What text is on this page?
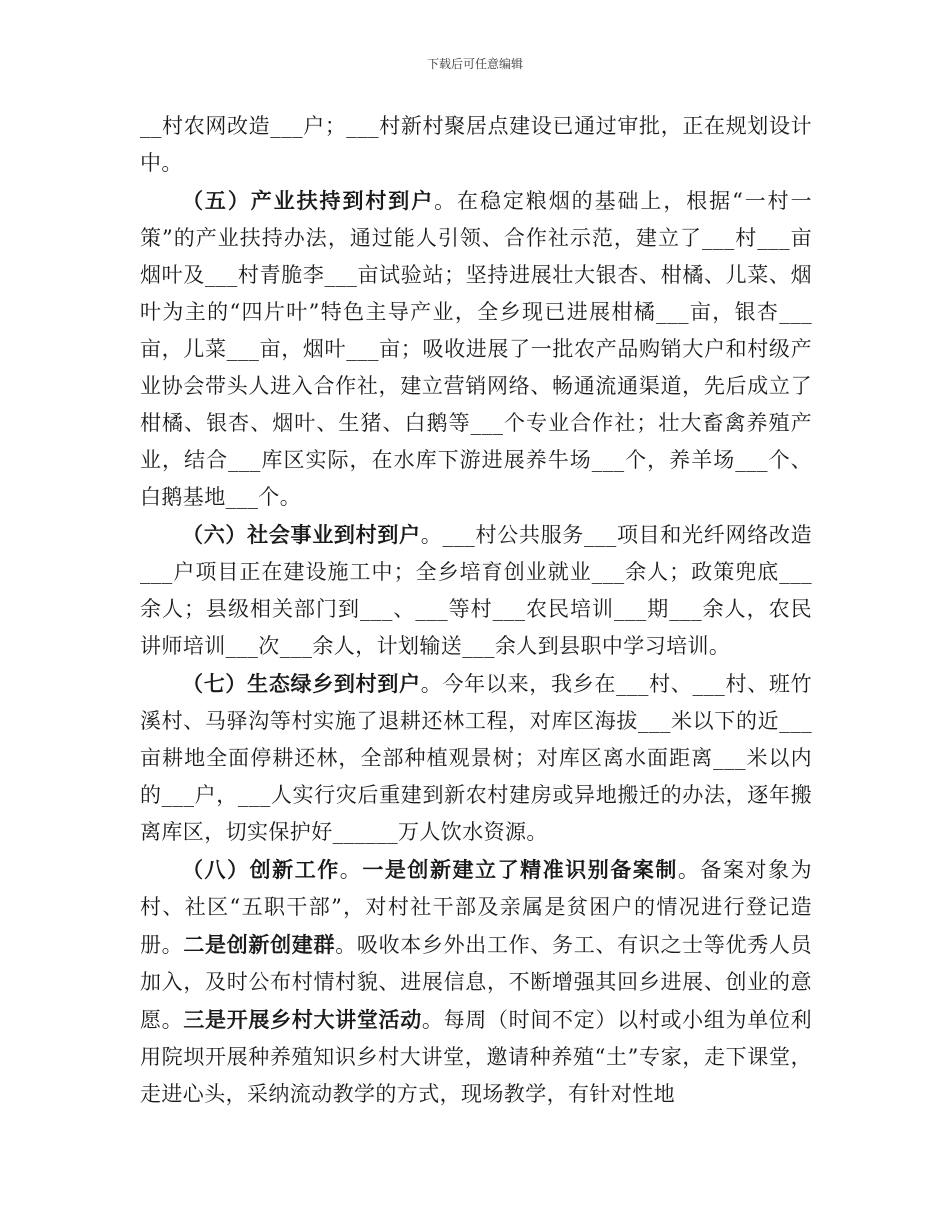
下载后可任意编辑

__村农网改造___户；___村新村聚居点建设已通过审批，正在规划设计中。

（五）产业扶持到村到户。在稳定粮烟的基础上，根据“一村一策”的产业扶持办法，通过能人引领、合作社示范，建立了___村___亩烟叶及___村青脆李___亩试验站；坚持进展壮大银杏、柑橘、儿菜、烟叶为主的“四片叶”特色主导产业，全乡现已进展柑橘___亩，银杏___亩，儿菜___亩，烟叶___亩；吸收进展了一批农产品购销大户和村级产业协会带头人进入合作社，建立营销网络、畅通流通渠道，先后成立了柑橘、银杏、烟叶、生猪、白鹅等___个专业合作社；壮大畜禽养殖产业，结合___库区实际，在水库下游进展养牛场___个，养羊场___个、白鹅基地___个。

（六）社会事业到村到户。___村公共服务___项目和光纤网络改造___户项目正在建设施工中；全乡培育创业就业___余人；政策兜底___余人；县级相关部门到___、___等村___农民培训___期___余人，农民讲师培训___次___余人，计划输送___余人到县职中学习培训。

（七）生态绿乡到村到户。今年以来，我乡在___村、___村、班竹溪村、马驿沟等村实施了退耕还林工程，对库区海拔___米以下的近___亩耕地全面停耕还林，全部种植观景树；对库区离水面距离___米以内的___户，___人实行灾后重建到新农村建房或异地搬迁的办法，逐年搬离库区，切实保护好______万人饮水资源。

（八）创新工作。一是创新建立了精准识别备案制。备案对象为村、社区“五职干部”，对村社干部及亲属是贫困户的情况进行登记造册。二是创新创建群。吸收本乡外出工作、务工、有识之士等优秀人员加入，及时公布村情村貌、进展信息，不断增强其回乡进展、创业的意愿。三是开展乡村大讲堂活动。每周（时间不定）以村或小组为单位利用院坝开展种养殖知识乡村大讲堂，邀请种养殖“土”专家，走下课堂，走进心头，采纳流动教学的方式，现场教学，有针对性地
